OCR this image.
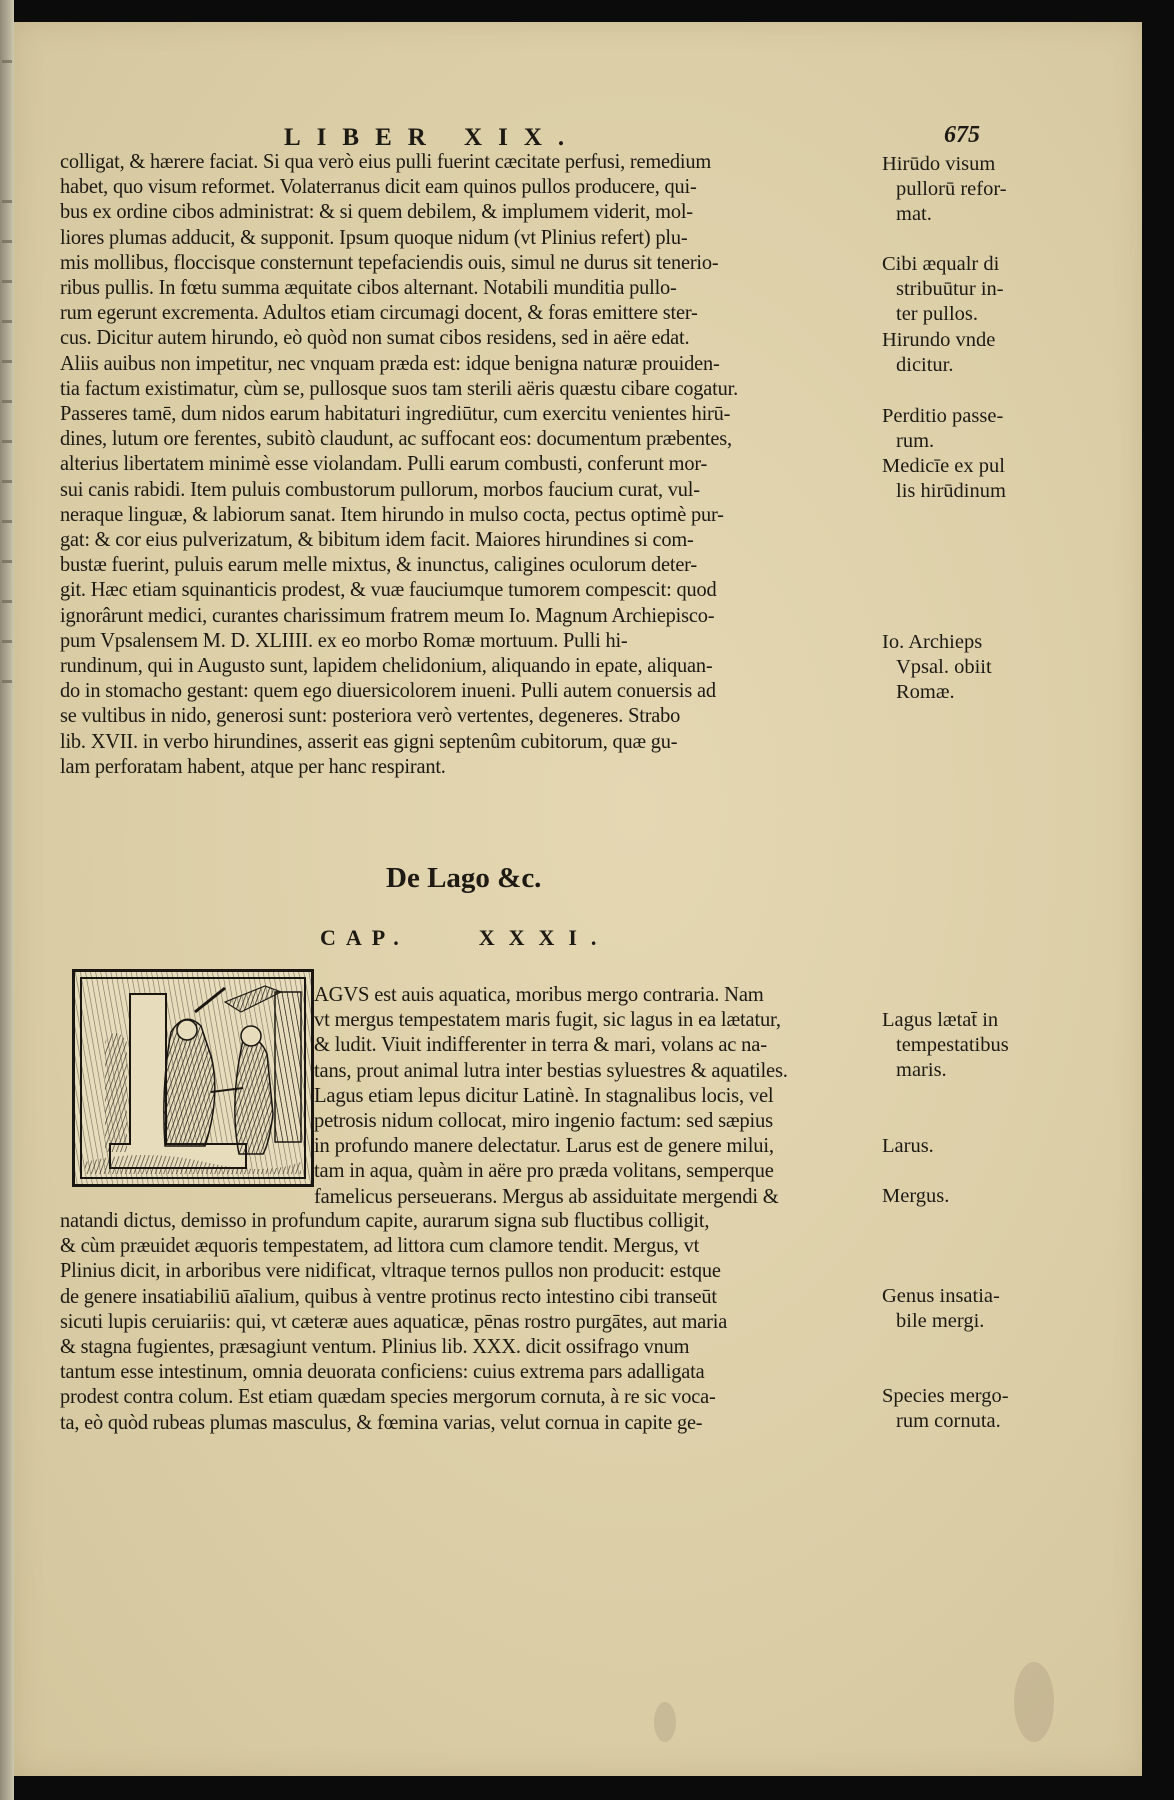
LIBER XIX.	675
colligat, & hærere faciat. Si qua verò eius pulli fuerint cæcitate perfusi, remedium
habet, quo visum reformet. Volaterranus dicit eam quinos pullos producere, qui-
bus ex ordine cibos administrat: & si quem debilem, & implumem viderit, mol-
liores plumas adducit, & supponit. Ipsum quoque nidum (vt Plinius refert) plu-
mis mollibus, floccisque consternunt tepefaciendis ouis, simul ne durus sit tenerio-
ribus pullis. In fœtu summa æquitate cibos alternant. Notabili munditia pullo-
rum egerunt excrementa. Adultos etiam circumagi docent, & foras emittere ster-
cus. Dicitur autem hirundo, eò quòd non sumat cibos residens, sed in aëre edat.
Aliis auibus non impetitur, nec vnquam præda est: idque benigna naturæ prouiden-
tia factum existimatur, cùm se, pullosque suos tam sterili aëris quæstu cibare cogatur.
Passeres tamē, dum nidos earum habitaturi ingrediūtur, cum exercitu venientes hirū-
dines, lutum ore ferentes, subitò claudunt, ac suffocant eos: documentum præbentes,
alterius libertatem minimè esse violandam. Pulli earum combusti, conferunt mor-
sui canis rabidi. Item puluis combustorum pullorum, morbos faucium curat, vul-
neraque linguæ, & labiorum sanat. Item hirundo in mulso cocta, pectus optimè pur-
gat: & cor eius pulverizatum, & bibitum idem facit. Maiores hirundines si com-
bustæ fuerint, puluis earum melle mixtus, & inunctus, caligines oculorum deter-
git. Hæc etiam squinanticis prodest, & vuæ fauciumque tumorem compescit: quod
ignorârunt medici, curantes charissimum fratrem meum Io. Magnum Archiepisco-
pum Vpsalensem M. D. XLIIII. ex eo morbo Romæ mortuum. Pulli hi-
rundinum, qui in Augusto sunt, lapidem chelidonium, aliquando in epate, aliquan-
do in stomacho gestant: quem ego diuersicolorem inueni. Pulli autem conuersis ad
se vultibus in nido, generosi sunt: posteriora verò vertentes, degeneres. Strabo
lib. XVII. in verbo hirundines, asserit eas gigni septenûm cubitorum, quæ gu-
lam perforatam habent, atque per hanc respirant.
Hirūdo visum
pullorū refor-
mat.
Cibi æqualr di
stribuūtur in-
ter pullos.
Hirundo vnde
dicitur.
Perditio passe-
rum.
Medicīe ex pul
lis hirūdinum
Io. Archieps
Vpsal. obiit
Romæ.
De Lago &c.
CAP.	XXXI.
AGVS est auis aquatica, moribus mergo contraria. Nam
vt mergus tempestatem maris fugit, sic lagus in ea lætatur,
& ludit. Viuit indifferenter in terra & mari, volans ac na-
tans, prout animal lutra inter bestias syluestres & aquatiles.
Lagus etiam lepus dicitur Latinè. In stagnalibus locis, vel
petrosis nidum collocat, miro ingenio factum: sed sæpius
in profundo manere delectatur. Larus est de genere milui,
tam in aqua, quàm in aëre pro præda volitans, semperque
famelicus perseuerans. Mergus ab assiduitate mergendi &
natandi dictus, demisso in profundum capite, aurarum signa sub fluctibus colligit,
& cùm præuidet æquoris tempestatem, ad littora cum clamore tendit. Mergus, vt
Plinius dicit, in arboribus vere nidificat, vltraque ternos pullos non producit: estque
de genere insatiabiliū aīalium, quibus à ventre protinus recto intestino cibi transeūt
sicuti lupis ceruiariis: qui, vt cæteræ aues aquaticæ, pēnas rostro purgātes, aut maria
& stagna fugientes, præsagiunt ventum. Plinius lib. XXX. dicit ossifrago vnum
tantum esse intestinum, omnia deuorata conficiens: cuius extrema pars adalligata
prodest contra colum. Est etiam quædam species mergorum cornuta, à re sic voca-
ta, eò quòd rubeas plumas masculus, & fœmina varias, velut cornua in capite ge-
Lagus lætat̄ in
tempestatibus
maris.
Larus.
Mergus.
Genus insatia-
bile mergi.
Species mergo-
rum cornuta.
